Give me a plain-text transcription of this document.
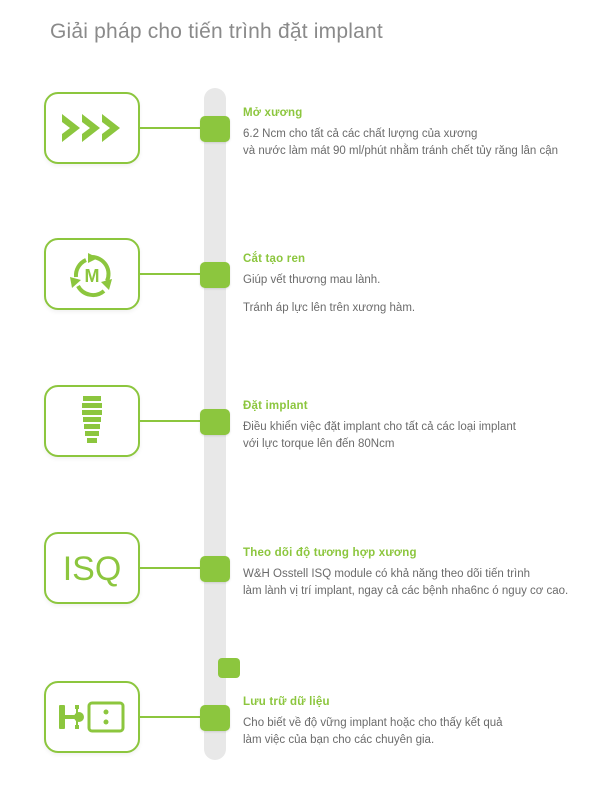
Giải pháp cho tiến trình đặt implant

Mở xương

6.2 Ncm cho tất cả các chất lượng của xương

và nước làm mát 90 ml/phút nhằm tránh chết tủy răng lân cận

M

Cắt tạo ren

Giúp vết thương mau lành.

Tránh áp lực lên trên xương hàm.

Đặt implant

Điều khiển việc đặt implant cho tất cả các loại implant

với lực torque lên đến 80Ncm

ISQ	Theo dõi độ tương hợp xương

W&H Osstell ISQ module có khả năng theo dõi tiến trình

làm lành vị trí implant, ngay cả các bệnh nha6nc ó nguy cơ cao.

Lưu trữ dữ liệu

Cho biết về độ vững implant hoặc cho thấy kết quả

làm việc của bạn cho các chuyên gia.
